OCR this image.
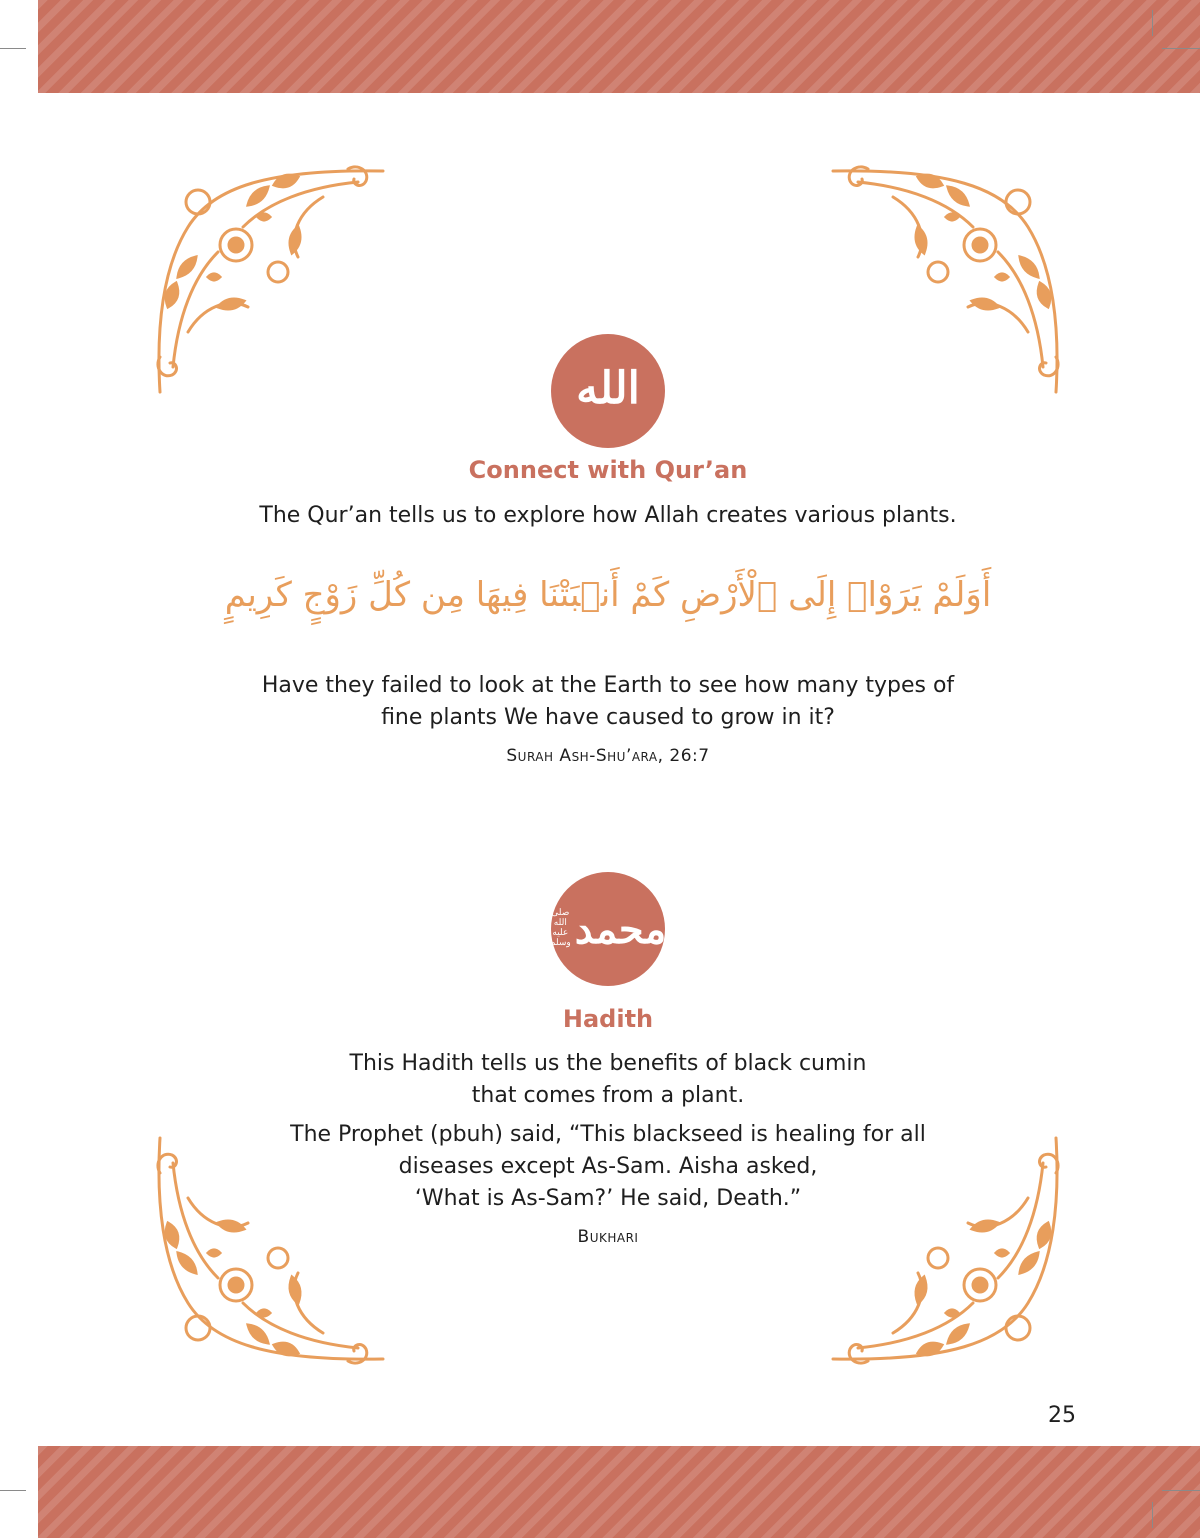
الله
Connect with Qur’an
The Qur’an tells us to explore how Allah creates various plants.
أَوَلَمْ يَرَوْا۟ إِلَى ٱلْأَرْضِ كَمْ أَنۢبَتْنَا فِيهَا مِن كُلِّ زَوْجٍ كَرِيمٍ
Have they failed to look at the Earth to see how many types of
fine plants We have caused to grow in it?
Surah Ash-Shu’ara, 26:7
صلى الله عليه وسلم محمد
Hadith
This Hadith tells us the benefits of black cumin
that comes from a plant.
The Prophet (pbuh) said, “This blackseed is healing for all
diseases except As-Sam. Aisha asked,
‘What is As-Sam?’ He said, Death.”
Bukhari
25
